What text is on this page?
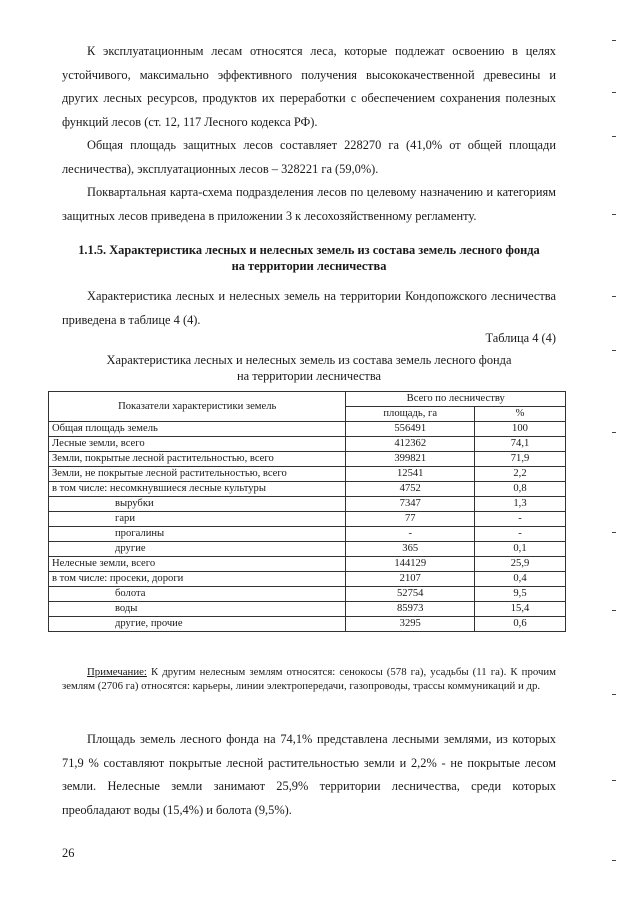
К эксплуатационным лесам относятся леса, которые подлежат освоению в целях устойчивого, максимально эффективного получения высококачественной древесины и других лесных ресурсов, продуктов их переработки с обеспечением сохранения полезных функций лесов (ст. 12, 117 Лесного кодекса РФ).

Общая площадь защитных лесов составляет 228270 га (41,0% от общей площади лесничества), эксплуатационных лесов – 328221 га (59,0%).

Поквартальная карта-схема подразделения лесов по целевому назначению и категориям защитных лесов приведена в приложении 3 к лесохозяйственному регламенту.

1.1.5. Характеристика лесных и нелесных земель из состава земель лесного фонда
на территории лесничества

Характеристика лесных и нелесных земель на территории Кондопожского лесничества приведена в таблице 4 (4).

Таблица 4 (4)
Характеристика лесных и нелесных земель из состава земель лесного фонда
на территории лесничества
Показатели характеристики земель	Всего по лесничеству	
	площадь, га	%
Общая площадь земель	556491	100
Лесные земли, всего	412362	74,1
Земли, покрытые лесной растительностью, всего	399821	71,9
Земли, не покрытые лесной растительностью, всего	12541	2,2
в том числе: несомкнувшиеся лесные культуры	4752	0,8
вырубки	7347	1,3
гари	77	-
прогалины	-	-
другие	365	0,1
Нелесные земли, всего	144129	25,9
в том числе: просеки, дороги	2107	0,4
болота	52754	9,5
воды	85973	15,4
другие, прочие	3295	0,6

Примечание: К другим нелесным землям относятся: сенокосы (578 га), усадьбы (11 га). К прочим землям (2706 га) относятся: карьеры, линии электропередачи, газопроводы, трассы коммуникаций и др.

Площадь земель лесного фонда на 74,1% представлена лесными землями, из которых 71,9 % составляют покрытые лесной растительностью земли и 2,2% - не покрытые лесом земли. Нелесные земли занимают 25,9% территории лесничества, среди которых преобладают воды (15,4%) и болота (9,5%).

26
